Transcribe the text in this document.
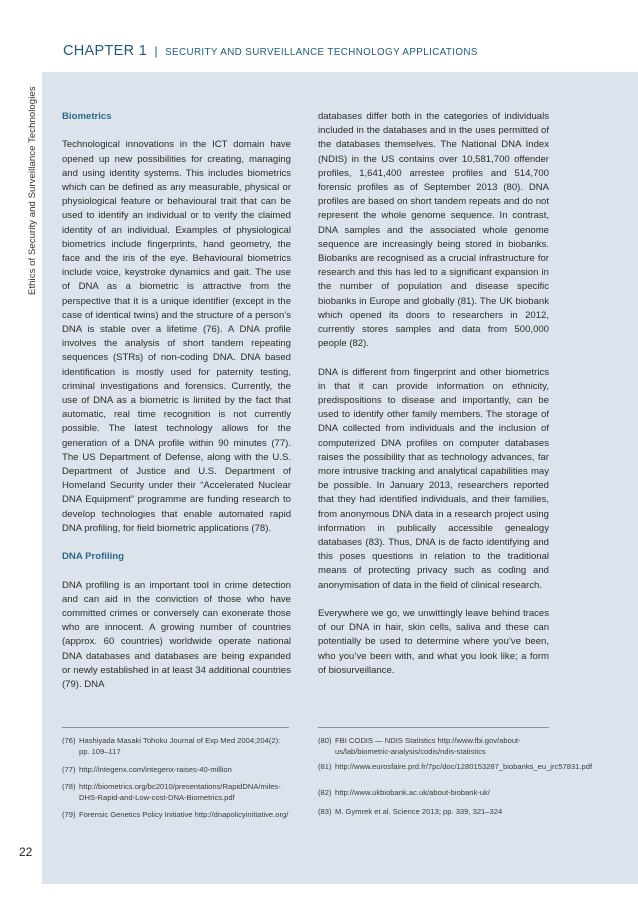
CHAPTER 1 | SECURITY AND SURVEILLANCE TECHNOLOGY APPLICATIONS
Ethics of Security and Surveillance Technologies	Biometrics

Technological innovations in the ICT domain have opened up new possibilities for creating, managing and using identity systems. This includes biometrics which can be defined as any measurable, physical or physiological feature or behavioural trait that can be used to identify an individual or to verify the claimed identity of an individual. Examples of physiological biometrics include fingerprints, hand geometry, the face and the iris of the eye. Behavioural biometrics include voice, keystroke dynamics and gait. The use of DNA as a biometric is attractive from the perspective that it is a unique identifier (except in the case of identical twins) and the structure of a person’s DNA is stable over a lifetime (76). A DNA profile involves the analysis of short tandem repeating sequences (STRs) of non-coding DNA. DNA based identification is mostly used for paternity testing, criminal investigations and forensics. Currently, the use of DNA as a biometric is limited by the fact that automatic, real time recognition is not currently possible. The latest technology allows for the generation of a DNA profile within 90 minutes (77). The US Department of Defense, along with the U.S. Department of Justice and U.S. Department of Homeland Security under their “Accelerated Nuclear DNA Equipment” programme are funding research to develop technologies that enable automated rapid DNA profiling, for field biometric applications (78).

DNA Profiling

DNA profiling is an important tool in crime detection and can aid in the conviction of those who have committed crimes or conversely can exonerate those who are innocent. A growing number of countries (approx. 60 countries) worldwide operate national DNA databases and databases are being expanded or newly established in at least 34 additional countries (79). DNA

databases differ both in the categories of individuals included in the databases and in the uses permitted of the databases themselves. The National DNA Index (NDIS) in the US contains over 10,581,700 offender profiles, 1,641,400 arrestee profiles and 514,700 forensic profiles as of September 2013 (80). DNA profiles are based on short tandem repeats and do not represent the whole genome sequence. In contrast, DNA samples and the associated whole genome sequence are increasingly being stored in biobanks. Biobanks are recognised as a crucial infrastructure for research and this has led to a significant expansion in the number of population and disease specific biobanks in Europe and globally (81). The UK biobank which opened its doors to researchers in 2012, currently stores samples and data from 500,000 people (82).

DNA is different from fingerprint and other biometrics in that it can provide information on ethnicity, predispositions to disease and importantly, can be used to identify other family members. The storage of DNA collected from individuals and the inclusion of computerized DNA profiles on computer databases raises the possibility that as technology advances, far more intrusive tracking and analytical capabilities may be possible. In January 2013, researchers reported that they had identified individuals, and their families, from anonymous DNA data in a research project using information in publically accessible genealogy databases (83). Thus, DNA is de facto identifying and this poses questions in relation to the traditional means of protecting privacy such as coding and anonymisation of data in the field of clinical research.

Everywhere we go, we unwittingly leave behind traces of our DNA in hair, skin cells, saliva and these can potentially be used to determine where you’ve been, who you’ve been with, and what you look like; a form of biosurveillance.

(76) Hashiyada Masaki Tohoku Journal of Exp Med 2004;204(2): pp. 109–117
(77) http://integenx.com/integenx-raises-40-million
(78) http://biometrics.org/bc2010/presentations/RapidDNA/miles-DHS-Rapid-and-Low-cost-DNA-Biometrics.pdf
(79) Forensic Genetics Policy Initiative http://dnapolicyinitiative.org/
(80) FBI CODIS — NDIS Statistics http://www.fbi.gov/about-us/lab/biometric-analysis/codis/ndis-statistics
(81) http://www.eurosfaire.prd.fr/7pc/doc/1280153287_biobanks_eu_jrc57831.pdf
(82) http://www.ukbiobank.ac.uk/about-biobank-uk/
(83) M. Gymrek et al. Science 2013; pp. 339, 321–324
22
